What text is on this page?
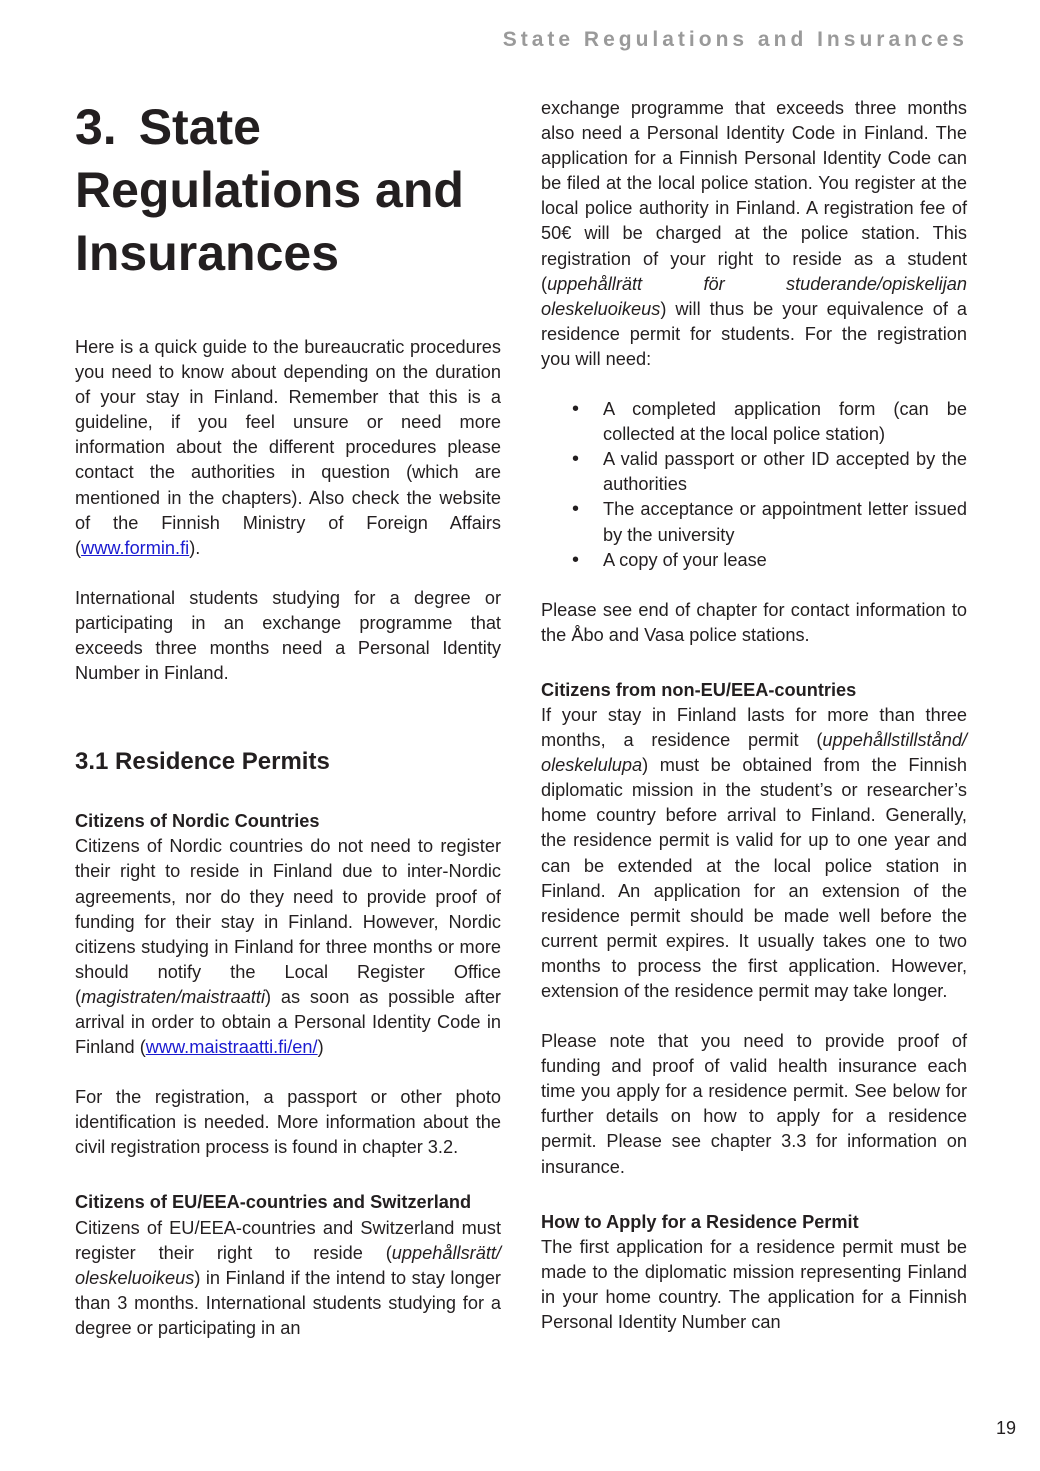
State Regulations and Insurances
3. State Regulations and Insurances

Here is a quick guide to the bureaucratic procedures you need to know about depending on the duration of your stay in Finland. Remember that this is a guideline, if you feel unsure or need more information about the different procedures please contact the authorities in question (which are mentioned in the chapters). Also check the website of the Finnish Ministry of Foreign Affairs (www.formin.fi).

International students studying for a degree or participating in an exchange programme that exceeds three months need a Personal Identity Number in Finland.

3.1 Residence Permits
Citizens of Nordic Countries

Citizens of Nordic countries do not need to register their right to reside in Finland due to inter-Nordic agreements, nor do they need to provide proof of funding for their stay in Finland. However, Nordic citizens studying in Finland for three months or more should notify the Local Register Office (magistraten/maistraatti) as soon as possible after arrival in order to obtain a Personal Identity Code in Finland (www.maistraatti.fi/en/)

For the registration, a passport or other photo identification is needed. More information about the civil registration process is found in chapter 3.2.

Citizens of EU/EEA-countries and Switzerland

Citizens of EU/EEA-countries and Switzerland must register their right to reside (uppehållsrätt/ oleskeluoikeus) in Finland if the intend to stay longer than 3 months. International students studying for a degree or participating in an

exchange programme that exceeds three months also need a Personal Identity Code in Finland. The application for a Finnish Personal Identity Code can be filed at the local police station. You register at the local police authority in Finland. A registration fee of 50€ will be charged at the police station. This registration of your right to reside as a student (uppehållrätt för studerande/opiskelijan oleskeluoikeus) will thus be your equivalence of a residence permit for students. For the registration you will need:

• A completed application form (can be collected at the local police station)
• A valid passport or other ID accepted by the authorities
• The acceptance or appointment letter issued by the university
• A copy of your lease

Please see end of chapter for contact information to the Åbo and Vasa police stations.

Citizens from non-EU/EEA-countries

If your stay in Finland lasts for more than three months, a residence permit (uppehållstillstånd/ oleskelulupa) must be obtained from the Finnish diplomatic mission in the student’s or researcher’s home country before arrival to Finland. Generally, the residence permit is valid for up to one year and can be extended at the local police station in Finland. An application for an extension of the residence permit should be made well before the current permit expires. It usually takes one to two months to process the first application. However, extension of the residence permit may take longer.

Please note that you need to provide proof of funding and proof of valid health insurance each time you apply for a residence permit. See below for further details on how to apply for a residence permit. Please see chapter 3.3 for information on insurance.

How to Apply for a Residence Permit

The first application for a residence permit must be made to the diplomatic mission representing Finland in your home country. The application for a Finnish Personal Identity Number can

19
